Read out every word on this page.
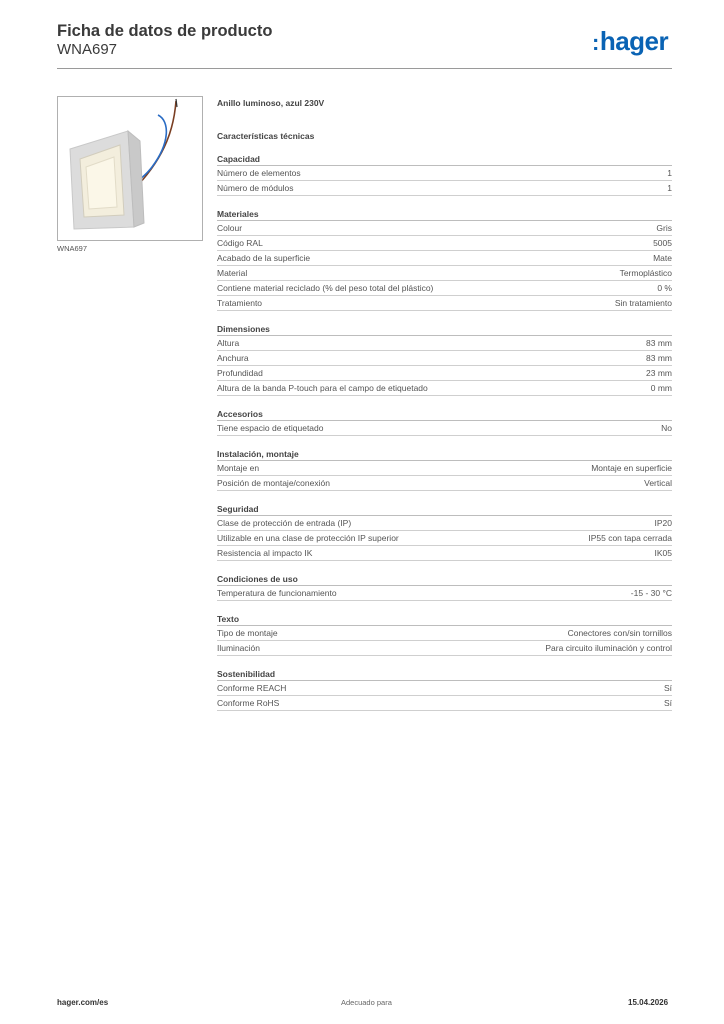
Ficha de datos de producto
WNA697	:hager
WNA697
Anillo luminoso, azul 230V
Características técnicas
Capacidad
Número de elementos	1
Número de módulos	1
Materiales
Colour	Gris
Código RAL	5005
Acabado de la superficie	Mate
Material	Termoplástico
Contiene material reciclado (% del peso total del plástico)	0 %
Tratamiento	Sin tratamiento
Dimensiones
Altura	83 mm
Anchura	83 mm
Profundidad	23 mm
Altura de la banda P-touch para el campo de etiquetado	0 mm
Accesorios
Tiene espacio de etiquetado	No
Instalación, montaje
Montaje en	Montaje en superficie
Posición de montaje/conexión	Vertical
Seguridad
Clase de protección de entrada (IP)	IP20
Utilizable en una clase de protección IP superior	IP55 con tapa cerrada
Resistencia al impacto IK	IK05
Condiciones de uso
Temperatura de funcionamiento	-15 - 30 °C
Texto
Tipo de montaje	Conectores con/sin tornillos
Iluminación	Para circuito iluminación y control
Sostenibilidad
Conforme REACH	Sí
Conforme RoHS	Sí
hager.com/es	Adecuado para	15.04.2026
